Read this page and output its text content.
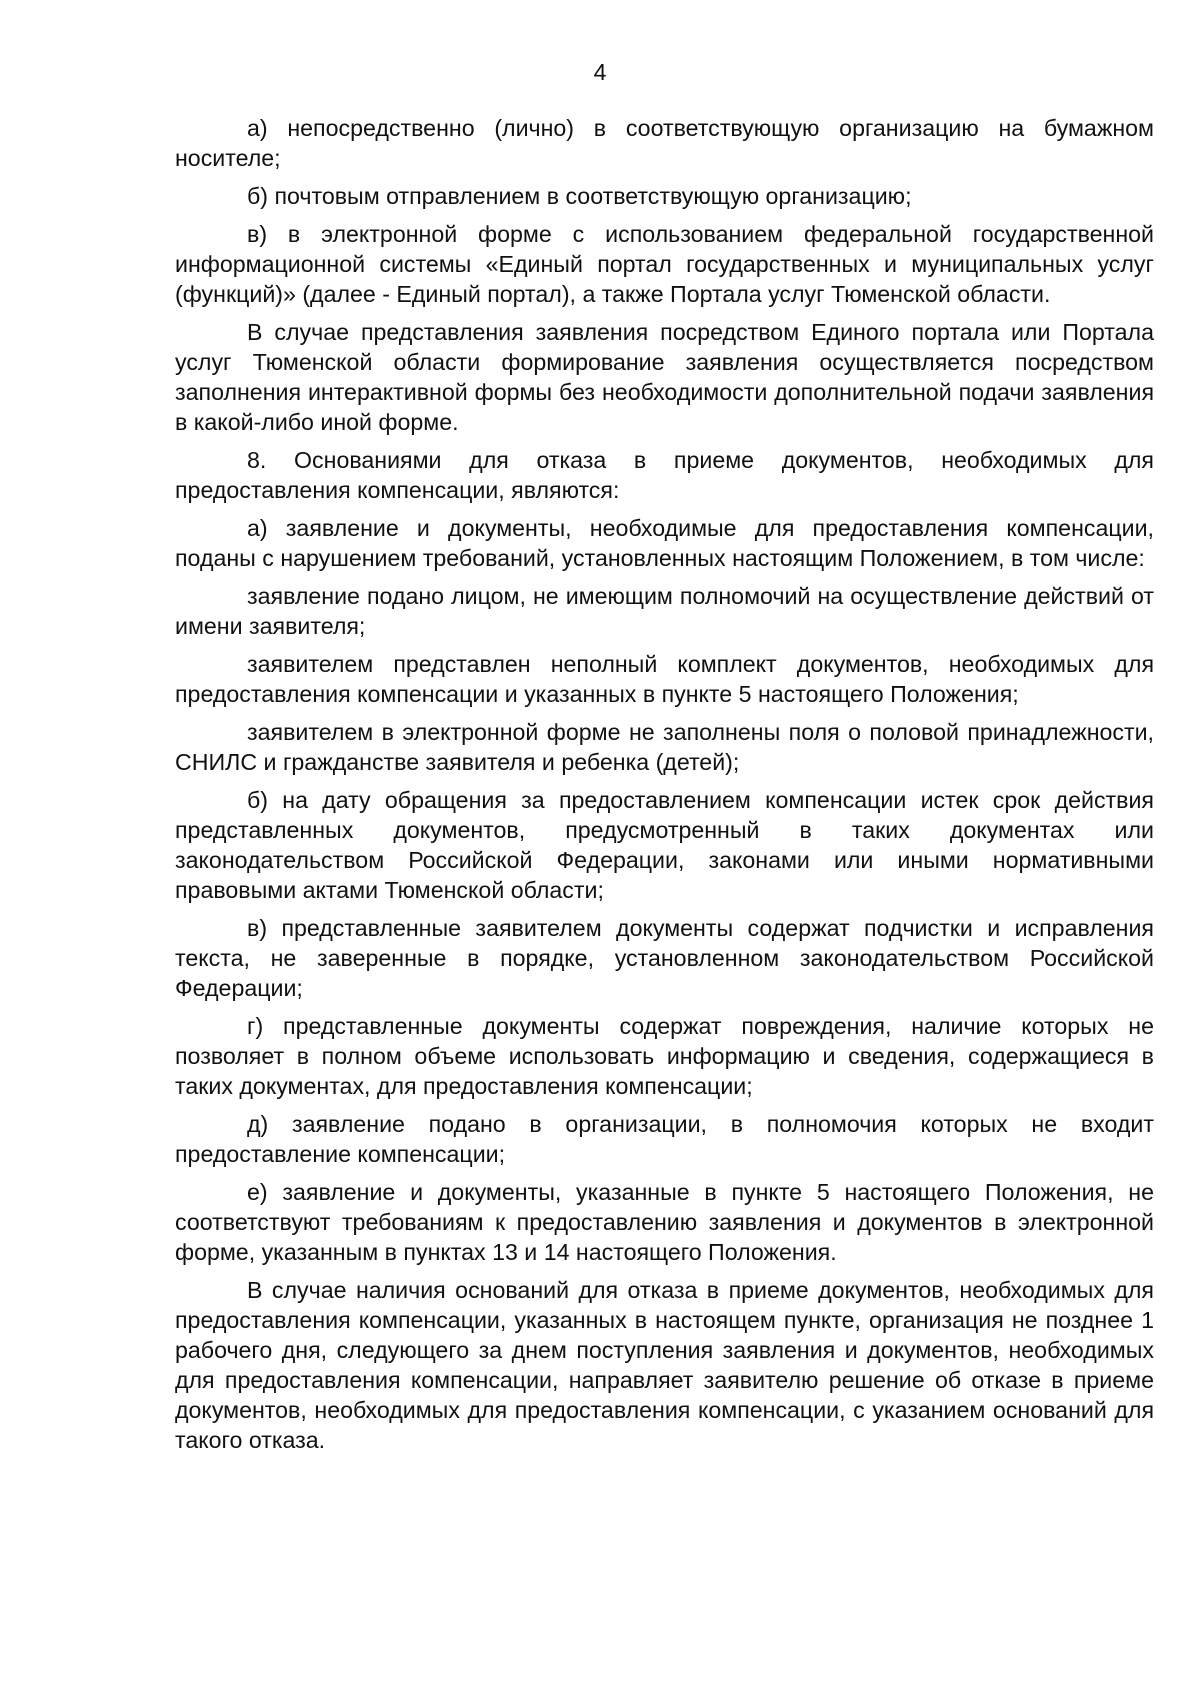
4

а) непосредственно (лично) в соответствующую организацию на бумажном носителе;

б) почтовым отправлением в соответствующую организацию;

в) в электронной форме с использованием федеральной государственной информационной системы «Единый портал государственных и муниципальных услуг (функций)» (далее - Единый портал), а также Портала услуг Тюменской области.

В случае представления заявления посредством Единого портала или Портала услуг Тюменской области формирование заявления осуществляется посредством заполнения интерактивной формы без необходимости дополнительной подачи заявления в какой-либо иной форме.

8. Основаниями для отказа в приеме документов, необходимых для предоставления компенсации, являются:

а) заявление и документы, необходимые для предоставления компенсации, поданы с нарушением требований, установленных настоящим Положением, в том числе:

заявление подано лицом, не имеющим полномочий на осуществление действий от имени заявителя;

заявителем представлен неполный комплект документов, необходимых для предоставления компенсации и указанных в пункте 5 настоящего Положения;

заявителем в электронной форме не заполнены поля о половой принадлежности, СНИЛС и гражданстве заявителя и ребенка (детей);

б) на дату обращения за предоставлением компенсации истек срок действия представленных документов, предусмотренный в таких документах или законодательством Российской Федерации, законами или иными нормативными правовыми актами Тюменской области;

в) представленные заявителем документы содержат подчистки и исправления текста, не заверенные в порядке, установленном законодательством Российской Федерации;

г) представленные документы содержат повреждения, наличие которых не позволяет в полном объеме использовать информацию и сведения, содержащиеся в таких документах, для предоставления компенсации;

д) заявление подано в организации, в полномочия которых не входит предоставление компенсации;

е) заявление и документы, указанные в пункте 5 настоящего Положения, не соответствуют требованиям к предоставлению заявления и документов в электронной форме, указанным в пунктах 13 и 14 настоящего Положения.

В случае наличия оснований для отказа в приеме документов, необходимых для предоставления компенсации, указанных в настоящем пункте, организация не позднее 1 рабочего дня, следующего за днем поступления заявления и документов, необходимых для предоставления компенсации, направляет заявителю решение об отказе в приеме документов, необходимых для предоставления компенсации, с указанием оснований для такого отказа.
